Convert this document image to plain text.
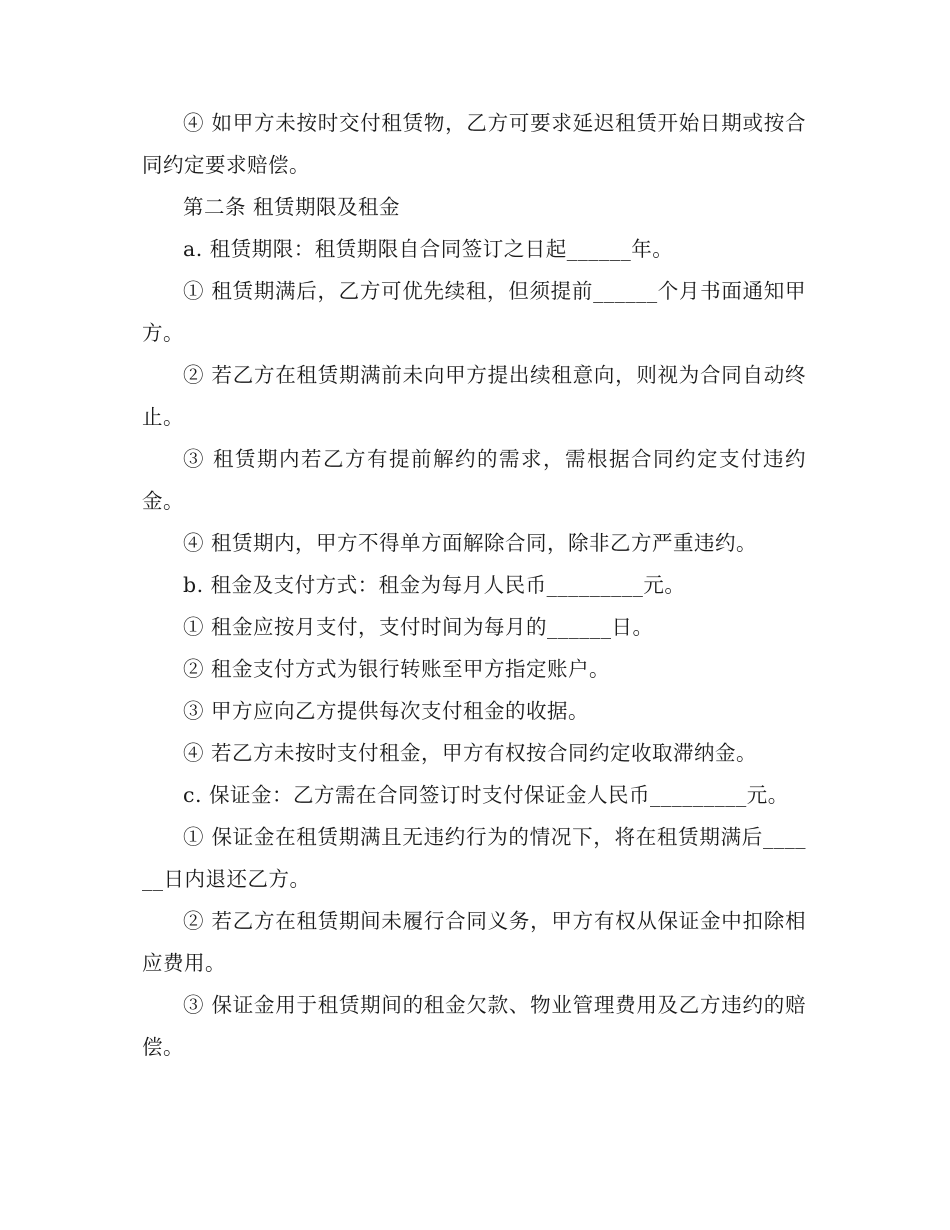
④ 如甲方未按时交付租赁物，乙方可要求延迟租赁开始日期或按合同约定要求赔偿。

第二条 租赁期限及租金

a. 租赁期限：租赁期限自合同签订之日起______年。

① 租赁期满后，乙方可优先续租，但须提前______个月书面通知甲方。

② 若乙方在租赁期满前未向甲方提出续租意向，则视为合同自动终止。

③ 租赁期内若乙方有提前解约的需求，需根据合同约定支付违约金。

④ 租赁期内，甲方不得单方面解除合同，除非乙方严重违约。

b. 租金及支付方式：租金为每月人民币_________元。

① 租金应按月支付，支付时间为每月的______日。

② 租金支付方式为银行转账至甲方指定账户。

③ 甲方应向乙方提供每次支付租金的收据。

④ 若乙方未按时支付租金，甲方有权按合同约定收取滞纳金。

c. 保证金：乙方需在合同签订时支付保证金人民币_________元。

① 保证金在租赁期满且无违约行为的情况下，将在租赁期满后______日内退还乙方。

② 若乙方在租赁期间未履行合同义务，甲方有权从保证金中扣除相应费用。

③ 保证金用于租赁期间的租金欠款、物业管理费用及乙方违约的赔偿。
